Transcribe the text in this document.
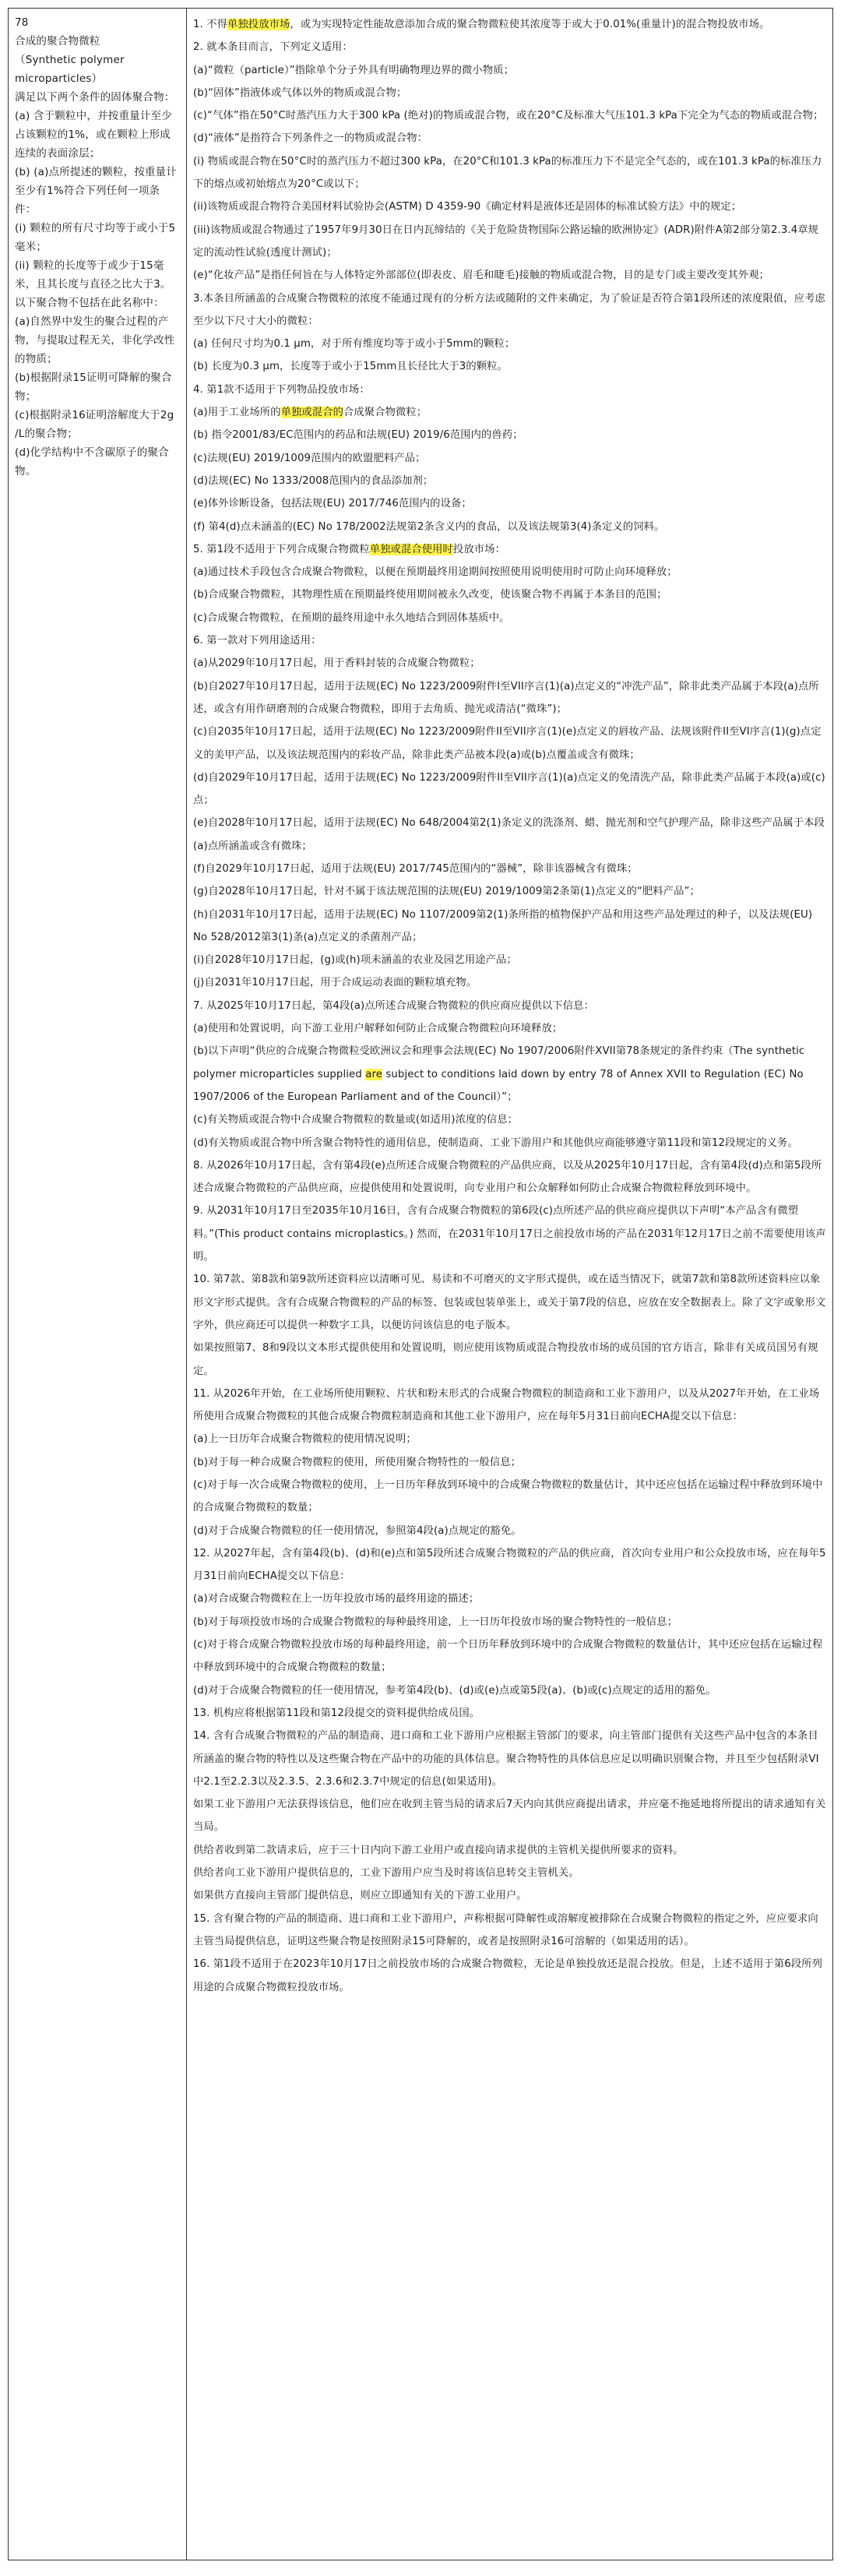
78
合成的聚合物微粒
（Synthetic polymer microparticles）
满足以下两个条件的固体聚合物：
(a) 含于颗粒中，并按重量计至少占该颗粒的1%，或在颗粒上形成连续的表面涂层；
(b) (a)点所提述的颗粒，按重量计至少有1%符合下列任何一项条件：
(i) 颗粒的所有尺寸均等于或小于5毫米；
(ii) 颗粒的长度等于或少于15毫米，且其长度与直径之比大于3。
以下聚合物不包括在此名称中：
(a)自然界中发生的聚合过程的产物，与提取过程无关，非化学改性的物质；
(b)根据附录15证明可降解的聚合物；
(c)根据附录16证明溶解度大于2g /L的聚合物；
(d)化学结构中不含碳原子的聚合物。

1. 不得单独投放市场，或为实现特定性能故意添加合成的聚合物微粒使其浓度等于或大于0.01%(重量计)的混合物投放市场。
2. 就本条目而言，下列定义适用：
(a)“微粒（particle）”指除单个分子外具有明确物理边界的微小物质；
(b)“固体”指液体或气体以外的物质或混合物；
(c)“气体”指在50°C时蒸汽压力大于300 kPa (绝对)的物质或混合物，或在20°C及标准大气压101.3 kPa下完全为气态的物质或混合物；
(d)“液体”是指符合下列条件之一的物质或混合物：
(i) 物质或混合物在50°C时的蒸汽压力不超过300 kPa，在20°C和101.3 kPa的标准压力下不是完全气态的，或在101.3 kPa的标准压力下的熔点或初始熔点为20°C或以下；
(ii)该物质或混合物符合美国材料试验协会(ASTM) D 4359-90《确定材料是液体还是固体的标准试验方法》中的规定；
(iii)该物质或混合物通过了1957年9月30日在日内瓦缔结的《关于危险货物国际公路运输的欧洲协定》(ADR)附件A第2部分第2.3.4章规定的流动性试验(透度计测试)；
(e)“化妆产品”是指任何旨在与人体特定外部部位(即表皮、眉毛和睫毛)接触的物质或混合物，目的是专门或主要改变其外观；
3.本条目所涵盖的合成聚合物微粒的浓度不能通过现有的分析方法或随附的文件来确定，为了验证是否符合第1段所述的浓度限值，应考虑至少以下尺寸大小的微粒：
(a) 任何尺寸均为0.1 μm，对于所有维度均等于或小于5mm的颗粒；
(b) 长度为0.3 μm，长度等于或小于15mm且长径比大于3的颗粒。
4. 第1款不适用于下列物品投放市场：
(a)用于工业场所的单独或混合的合成聚合物微粒；
(b) 指令2001/83/EC范围内的药品和法规(EU) 2019/6范围内的兽药；
(c)法规(EU) 2019/1009范围内的欧盟肥料产品；
(d)法规(EC) No 1333/2008范围内的食品添加剂；
(e)体外诊断设备，包括法规(EU) 2017/746范围内的设备；
(f) 第4(d)点未涵盖的(EC) No 178/2002法规第2条含义内的食品，以及该法规第3(4)条定义的饲料。
5. 第1段不适用于下列合成聚合物微粒单独或混合使用时投放市场：
(a)通过技术手段包含合成聚合物微粒，以便在预期最终用途期间按照使用说明使用时可防止向环境释放；
(b)合成聚合物微粒，其物理性质在预期最终使用期间被永久改变，使该聚合物不再属于本条目的范围；
(c)合成聚合物微粒，在预期的最终用途中永久地结合到固体基质中。
6. 第一款对下列用途适用：
(a)从2029年10月17日起，用于香料封装的合成聚合物微粒；
(b)自2027年10月17日起，适用于法规(EC) No 1223/2009附件I至VII序言(1)(a)点定义的“冲洗产品”，除非此类产品属于本段(a)点所述，或含有用作研磨剂的合成聚合物微粒，即用于去角质、抛光或清洁(“微珠”)；
(c)自2035年10月17日起，适用于法规(EC) No 1223/2009附件II至VII序言(1)(e)点定义的唇妆产品、法规该附件II至VI序言(1)(g)点定义的美甲产品，以及该法规范围内的彩妆产品，除非此类产品被本段(a)或(b)点覆盖或含有微珠；
(d)自2029年10月17日起，适用于法规(EC) No 1223/2009附件II至VII序言(1)(a)点定义的免清洗产品，除非此类产品属于本段(a)或(c)点；
(e)自2028年10月17日起，适用于法规(EC) No 648/2004第2(1)条定义的洗涤剂、蜡、抛光剂和空气护理产品，除非这些产品属于本段(a)点所涵盖或含有微珠；
(f)自2029年10月17日起，适用于法规(EU) 2017/745范围内的“器械”，除非该器械含有微珠；
(g)自2028年10月17日起，针对不属于该法规范围的法规(EU) 2019/1009第2条第(1)点定义的“肥料产品”；
(h)自2031年10月17日起，适用于法规(EC) No 1107/2009第2(1)条所指的植物保护产品和用这些产品处理过的种子，以及法规(EU) No 528/2012第3(1)条(a)点定义的杀菌剂产品；
(i)自2028年10月17日起，(g)或(h)项未涵盖的农业及园艺用途产品；
(j)自2031年10月17日起，用于合成运动表面的颗粒填充物。
7. 从2025年10月17日起，第4段(a)点所述合成聚合物微粒的供应商应提供以下信息：
(a)使用和处置说明，向下游工业用户解释如何防止合成聚合物微粒向环境释放；
(b)以下声明“供应的合成聚合物微粒受欧洲议会和理事会法规(EC) No 1907/2006附件XVII第78条规定的条件约束（The synthetic polymer microparticles supplied are subject to conditions laid down by entry 78 of Annex XVII to Regulation (EC) No 1907/2006 of the European Parliament and of the Council）”；
(c)有关物质或混合物中合成聚合物微粒的数量或(如适用)浓度的信息；
(d)有关物质或混合物中所含聚合物特性的通用信息，使制造商、工业下游用户和其他供应商能够遵守第11段和第12段规定的义务。
8. 从2026年10月17日起，含有第4段(e)点所述合成聚合物微粒的产品供应商，以及从2025年10月17日起，含有第4段(d)点和第5段所述合成聚合物微粒的产品供应商，应提供使用和处置说明，向专业用户和公众解释如何防止合成聚合物微粒释放到环境中。
9. 从2031年10月17日至2035年10月16日，含有合成聚合物微粒的第6段(c)点所述产品的供应商应提供以下声明“本产品含有微塑料。”(This product contains microplastics。) 然而，在2031年10月17日之前投放市场的产品在2031年12月17日之前不需要使用该声明。
10. 第7款、第8款和第9款所述资料应以清晰可见、易读和不可磨灭的文字形式提供，或在适当情况下，就第7款和第8款所述资料应以象形文字形式提供。含有合成聚合物微粒的产品的标签、包装或包装单张上，或关于第7段的信息，应放在安全数据表上。除了文字或象形文字外，供应商还可以提供一种数字工具，以便访问该信息的电子版本。
如果按照第7、8和9段以文本形式提供使用和处置说明，则应使用该物质或混合物投放市场的成员国的官方语言，除非有关成员国另有规定。
11. 从2026年开始，在工业场所使用颗粒、片状和粉末形式的合成聚合物微粒的制造商和工业下游用户，以及从2027年开始，在工业场所使用合成聚合物微粒的其他合成聚合物微粒制造商和其他工业下游用户，应在每年5月31日前向ECHA提交以下信息：
(a)上一日历年合成聚合物微粒的使用情况说明；
(b)对于每一种合成聚合物微粒的使用，所使用聚合物特性的一般信息；
(c)对于每一次合成聚合物微粒的使用，上一日历年释放到环境中的合成聚合物微粒的数量估计，其中还应包括在运输过程中释放到环境中的合成聚合物微粒的数量；
(d)对于合成聚合物微粒的任一使用情况，参照第4段(a)点规定的豁免。
12. 从2027年起，含有第4段(b)、(d)和(e)点和第5段所述合成聚合物微粒的产品的供应商，首次向专业用户和公众投放市场，应在每年5月31日前向ECHA提交以下信息：
(a)对合成聚合物微粒在上一历年投放市场的最终用途的描述；
(b)对于每项投放市场的合成聚合物微粒的每种最终用途，上一日历年投放市场的聚合物特性的一般信息；
(c)对于将合成聚合物微粒投放市场的每种最终用途，前一个日历年释放到环境中的合成聚合物微粒的数量估计，其中还应包括在运输过程中释放到环境中的合成聚合物微粒的数量；
(d)对于合成聚合物微粒的任一使用情况，参考第4段(b)、(d)或(e)点或第5段(a)、(b)或(c)点规定的适用的豁免。
13. 机构应将根据第11段和第12段提交的资料提供给成员国。
14. 含有合成聚合物微粒的产品的制造商、进口商和工业下游用户应根据主管部门的要求，向主管部门提供有关这些产品中包含的本条目所涵盖的聚合物的特性以及这些聚合物在产品中的功能的具体信息。聚合物特性的具体信息应足以明确识别聚合物，并且至少包括附录VI中2.1至2.2.3以及2.3.5、2.3.6和2.3.7中规定的信息(如果适用)。
如果工业下游用户无法获得该信息，他们应在收到主管当局的请求后7天内向其供应商提出请求，并应毫不拖延地将所提出的请求通知有关当局。
供给者收到第二款请求后，应于三十日内向下游工业用户或直接向请求提供的主管机关提供所要求的资料。
供给者向工业下游用户提供信息的，工业下游用户应当及时将该信息转交主管机关。
如果供方直接向主管部门提供信息，则应立即通知有关的下游工业用户。
15. 含有聚合物的产品的制造商、进口商和工业下游用户，声称根据可降解性或溶解度被排除在合成聚合物微粒的指定之外，应应要求向主管当局提供信息，证明这些聚合物是按照附录15可降解的，或者是按照附录16可溶解的（如果适用的话）。
16. 第1段不适用于在2023年10月17日之前投放市场的合成聚合物微粒，无论是单独投放还是混合投放。但是，上述不适用于第6段所列用途的合成聚合物微粒投放市场。
